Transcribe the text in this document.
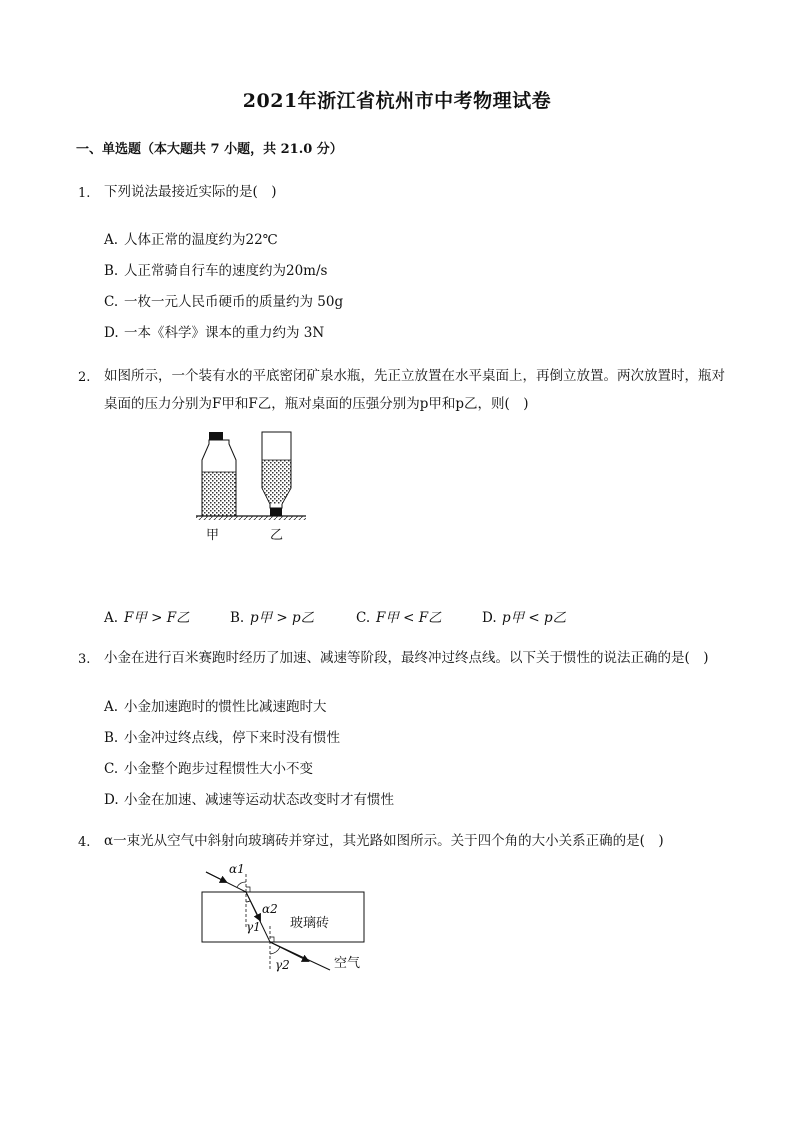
2021年浙江省杭州市中考物理试卷
一、单选题（本大题共 7 小题，共 21.0 分）
1. 下列说法最接近实际的是(　)
A. 人体正常的温度约为22℃
B. 人正常骑自行车的速度约为20m/s
C. 一枚一元人民币硬币的质量约为 50g
D. 一本《科学》课本的重力约为 3N
2. 如图所示，一个装有水的平底密闭矿泉水瓶，先正立放置在水平桌面上，再倒立放置。两次放置时，瓶对桌面的压力分别为F甲和F乙，瓶对桌面的压强分别为p甲和p乙，则(　)
甲	乙
A. F甲 > F乙	B. p甲 > p乙	C. F甲 < F乙	D. p甲 < p乙
3. 小金在进行百米赛跑时经历了加速、减速等阶段，最终冲过终点线。以下关于惯性的说法正确的是(　)
A. 小金加速跑时的惯性比减速跑时大
B. 小金冲过终点线，停下来时没有惯性
C. 小金整个跑步过程惯性大小不变
D. 小金在加速、减速等运动状态改变时才有惯性
4. α一束光从空气中斜射向玻璃砖并穿过，其光路如图所示。关于四个角的大小关系正确的是(　)
α1
α2
γ1
γ2
玻璃砖
空气
